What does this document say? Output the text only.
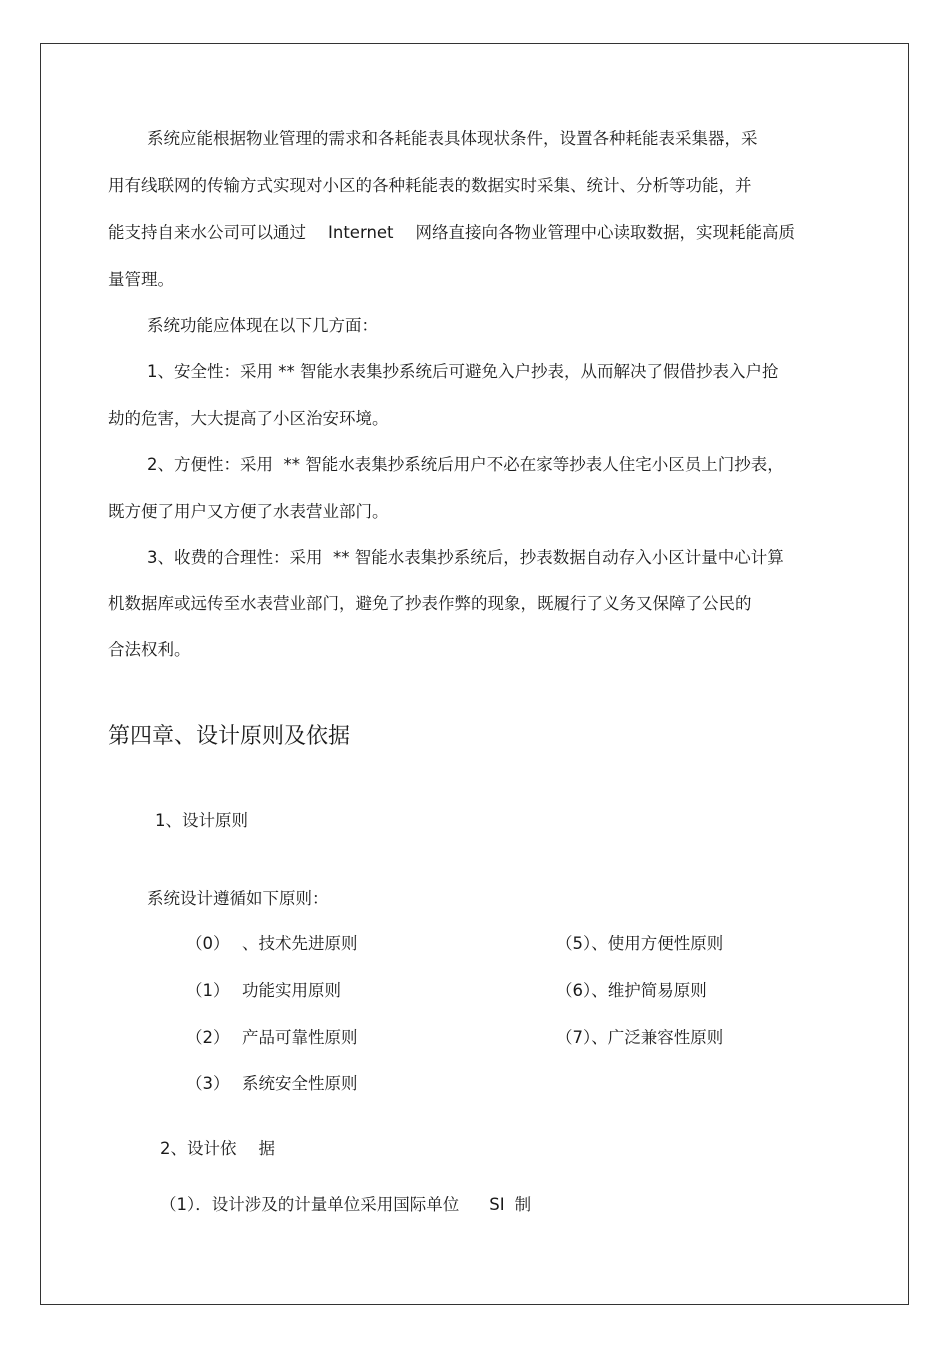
系统应能根据物业管理的需求和各耗能表具体现状条件，设置各种耗能表采集器，采
用有线联网的传输方式实现对小区的各种耗能表的数据实时采集、统计、分析等功能，并
能支持自来水公司可以通过 Internet 网络直接向各物业管理中心读取数据，实现耗能高质
量管理。
系统功能应体现在以下几方面：
1、安全性：采用 ** 智能水表集抄系统后可避免入户抄表，从而解决了假借抄表入户抢
劫的危害，大大提高了小区治安环境。
2、方便性：采用  ** 智能水表集抄系统后用户不必在家等抄表人住宅小区员上门抄表，
既方便了用户又方便了水表营业部门。
3、收费的合理性：采用  ** 智能水表集抄系统后，抄表数据自动存入小区计量中心计算
机数据库或远传至水表营业部门，避免了抄表作弊的现象，既履行了义务又保障了公民的
合法权利。
第四章、设计原则及依据
1、设计原则
系统设计遵循如下原则：
（0） 、技术先进原则
（1） 功能实用原则
（2） 产品可靠性原则
（3） 系统安全性原则
（5）、使用方便性原则
（6）、维护简易原则
（7）、广泛兼容性原则
2、设计依 据
（1）．设计涉及的计量单位采用国际单位 SI 制
